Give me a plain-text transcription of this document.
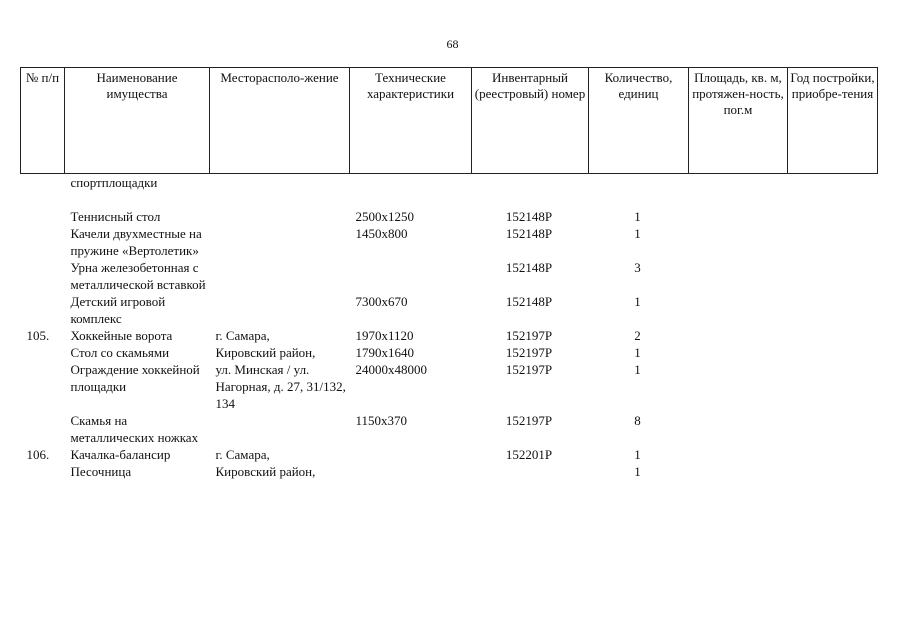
68
№ п/п	Наименование имущества	Месторасполо-жение	Технические характеристики	Инвентарный (реестровый) номер	Количество, единиц	Площадь, кв. м, протяжен-ность, пог.м	Год постройки, приобре-тения
	спортплощадки						

	Теннисный стол		2500x1250	152148Р	1		
	Качели двухместные на пружине «Вертолетик»		1450x800	152148Р	1		
	Урна железобетонная с металлической вставкой			152148Р	3		
	Детский игровой комплекс		7300x670	152148Р	1		
105.	Хоккейные ворота	г. Самара,	1970x1120	152197Р	2		
	Стол со скамьями	Кировский район,	1790x1640	152197Р	1		
	Ограждение хоккейной площадки	ул. Минская / ул. Нагорная, д. 27, 31/132, 134	24000x48000	152197Р	1		
	Скамья на металлических ножках		1150x370	152197Р	8		
106.	Качалка-балансир	г. Самара,		152201Р	1		
	Песочница	Кировский район,			1		
